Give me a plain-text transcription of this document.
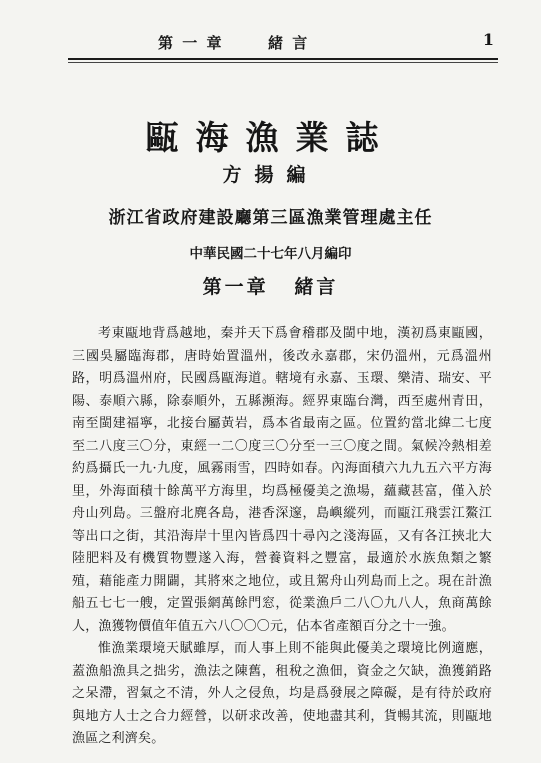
第 一 章	緒 言	1
甌海漁業誌
方揚編
浙江省政府建設廳第三區漁業管理處主任
中華民國二十七年八月編印
第一章 緒言

考東甌地背爲越地，秦并天下爲會稽郡及閩中地，漢初爲東甌國，三國吳屬臨海郡，唐時始置溫州，後改永嘉郡，宋仍溫州，元爲溫州路，明爲溫州府，民國爲甌海道。轄境有永嘉、玉環、樂清、瑞安、平陽、泰順六縣，除泰順外，五縣瀕海。經界東臨台灣，西至處州青田，南至閩建福寧，北接台屬黃岩，爲本省最南之區。位置約當北緯二七度至二八度三〇分，東經一二〇度三〇分至一三〇度之間。氣候冷熱相差約爲攝氏一九·九度，風霧雨雪，四時如春。內海面積六九九五六平方海里，外海面積十餘萬平方海里，均爲極優美之漁場，蘊藏甚富，僅入於舟山列島。三盤府北麂各島，港香深邃，島嶼縱列，而甌江飛雲江鰲江等出口之街，其沿海岸十里內皆爲四十尋內之淺海區，又有各江挾北大陸肥料及有機質物豐遂入海，營養資料之豐富，最適於水族魚類之繁殖，藉能產力開闢，其將來之地位，或且駕舟山列島而上之。現在計漁船五七七一艘，定置張網萬餘門窓，從業漁戶二八〇九八人，魚商萬餘人，漁獲物價值年值五六八〇〇〇元，佔本省產額百分之十一強。

惟漁業環境天賦雖厚，而人事上則不能與此優美之環境比例適應，蓋漁船漁具之拙劣，漁法之陳舊，租稅之漁佃，資金之欠缺，漁獲銷路之呆滯，習氣之不清，外人之侵魚，均是爲發展之障礙，是有待於政府與地方人士之合力經營，以研求改善，使地盡其利，貨暢其流，則甌地漁區之利濟矣。
